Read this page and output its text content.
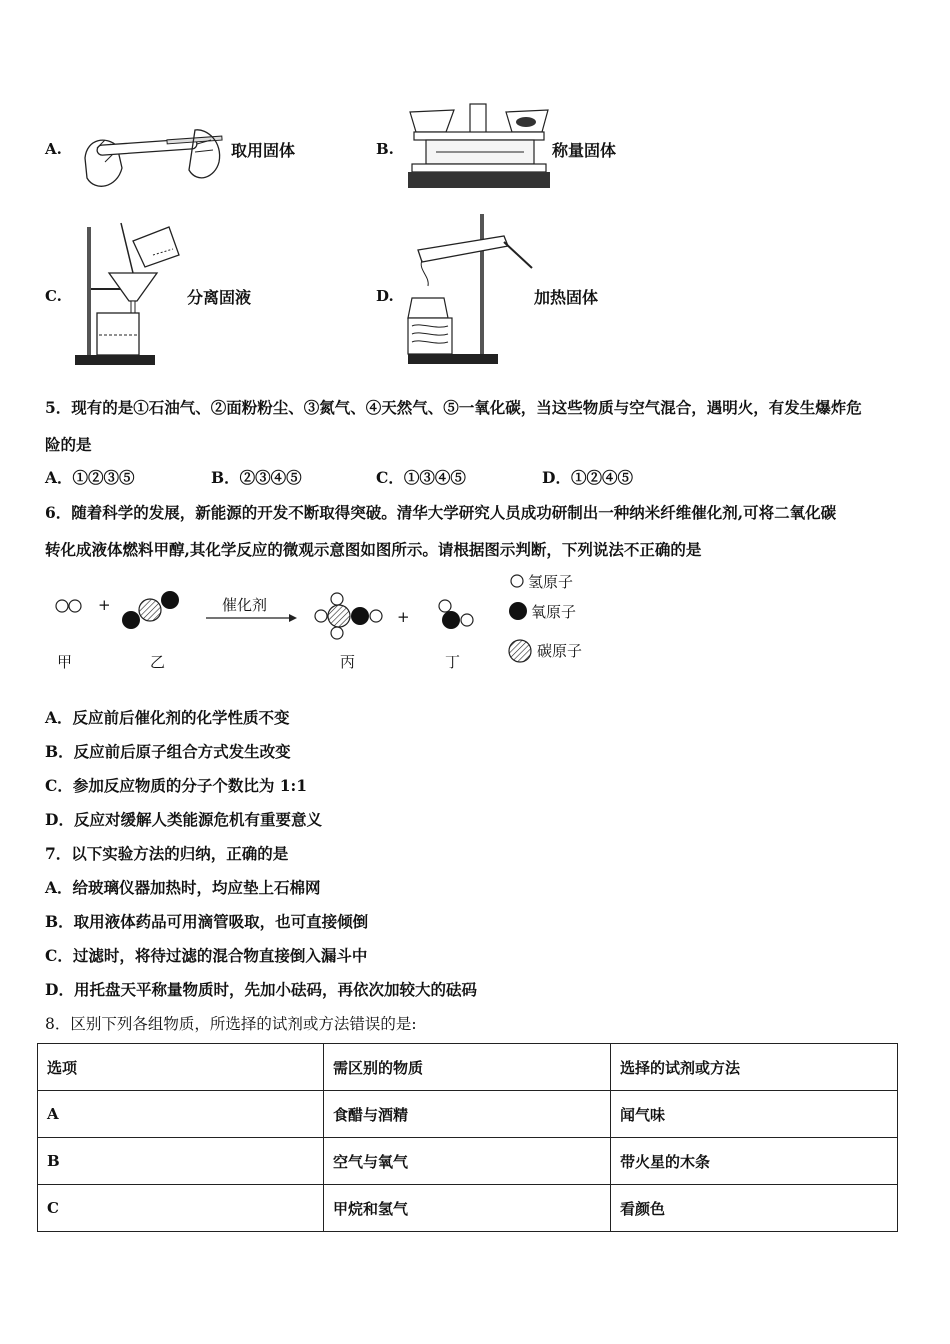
A.	取用固体	B.	称量固体
C.	分离固液	D.	加热固体
5．现有的是①石油气、②面粉粉尘、③氮气、④天然气、⑤一氧化碳，当这些物质与空气混合，遇明火，有发生爆炸危
险的是
A．①②③⑤	B．②③④⑤	C．①③④⑤	D．①②④⑤
6．随着科学的发展，新能源的开发不断取得突破。清华大学研究人员成功研制出一种纳米纤维催化剂,可将二氧化碳
转化成液体燃料甲醇,其化学反应的微观示意图如图所示。请根据图示判断，下列说法不正确的是
+	催化剂
+
甲	乙	丙	丁
氢原子
氧原子
碳原子
A．反应前后催化剂的化学性质不变
B．反应前后原子组合方式发生改变
C．参加反应物质的分子个数比为 1:1
D．反应对缓解人类能源危机有重要意义
7．以下实验方法的归纳，正确的是
A．给玻璃仪器加热时，均应垫上石棉网
B．取用液体药品可用滴管吸取，也可直接倾倒
C．过滤时，将待过滤的混合物直接倒入漏斗中
D．用托盘天平称量物质时，先加小砝码，再依次加较大的砝码
8．区别下列各组物质，所选择的试剂或方法错误的是:
选项	需区别的物质	选择的试剂或方法
A	食醋与酒精	闻气味
B	空气与氧气	带火星的木条
C	甲烷和氢气	看颜色
